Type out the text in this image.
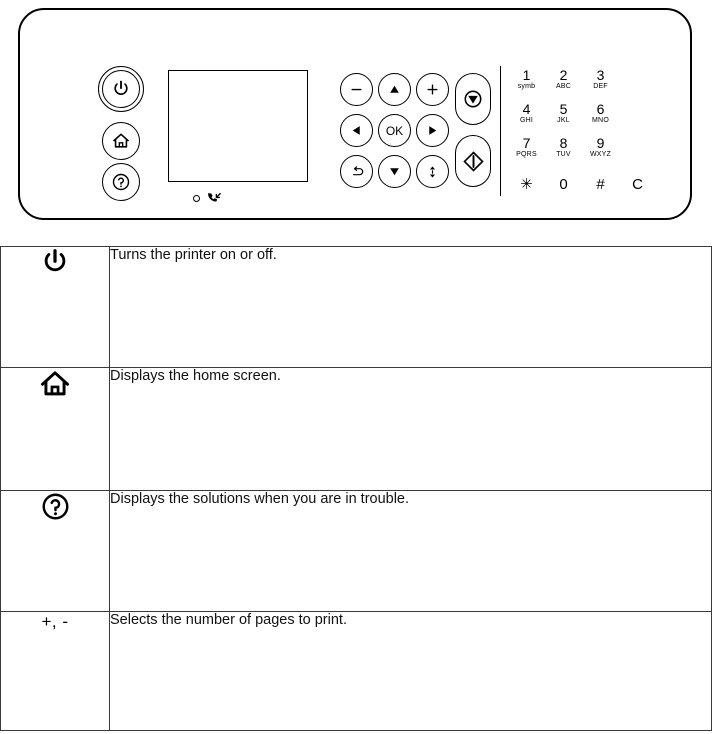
OK
1
symb
2
ABC
3
DEF
4
GHI
5
JKL
6
MNO
7
PQRS
8
TUV
9
WXYZ
✳	0	#	C
	Turns the printer on or off.

	Displays the home screen.

	Displays the solutions when you are in trouble.
+, -	Selects the number of pages to print.
